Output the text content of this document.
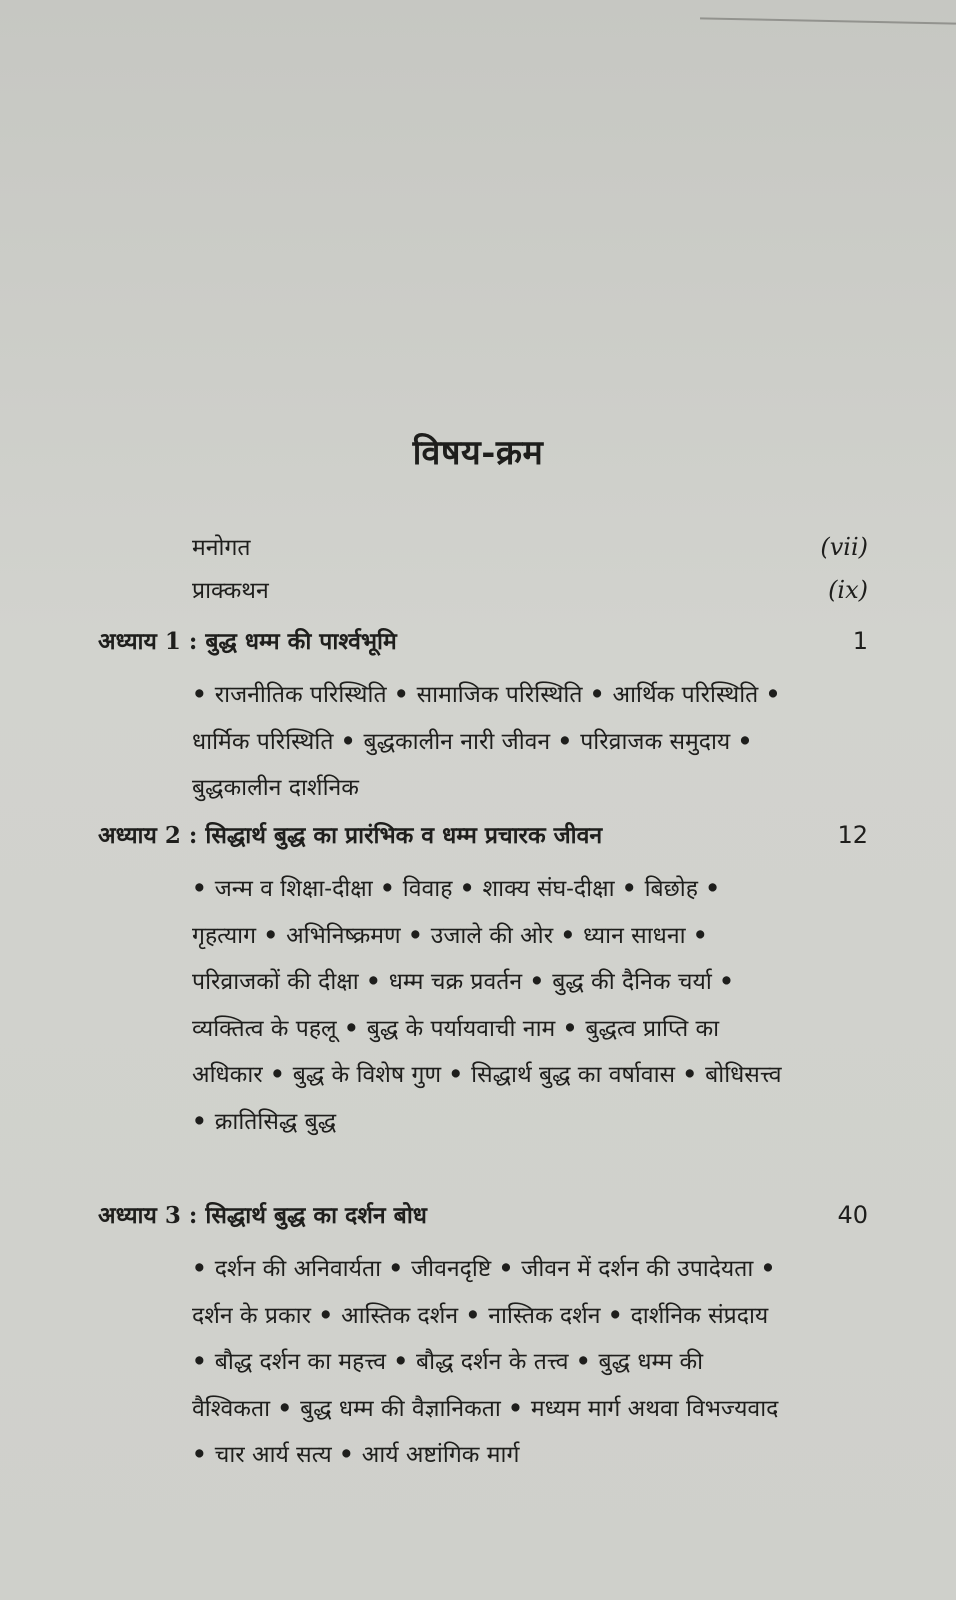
विषय-क्रम
मनोगत	(vii)
प्राक्कथन	(ix)
अध्याय 1 : बुद्ध धम्म की पार्श्वभूमि	1

• राजनीतिक परिस्थिति • सामाजिक परिस्थिति • आर्थिक परिस्थिति • धार्मिक परिस्थिति • बुद्धकालीन नारी जीवन • परिव्राजक समुदाय • बुद्धकालीन दार्शनिक

अध्याय 2 : सिद्धार्थ बुद्ध का प्रारंभिक व धम्म प्रचारक जीवन	12

• जन्म व शिक्षा-दीक्षा • विवाह • शाक्य संघ-दीक्षा • बिछोह • गृहत्याग • अभिनिष्क्रमण • उजाले की ओर • ध्यान साधना • परिव्राजकों की दीक्षा • धम्म चक्र प्रवर्तन • बुद्ध की दैनिक चर्या • व्यक्तित्व के पहलू • बुद्ध के पर्यायवाची नाम • बुद्धत्व प्राप्ति का अधिकार • बुद्ध के विशेष गुण • सिद्धार्थ बुद्ध का वर्षावास • बोधिसत्त्व • क्रातिसिद्ध बुद्ध

अध्याय 3 : सिद्धार्थ बुद्ध का दर्शन बोध	40

• दर्शन की अनिवार्यता • जीवनदृष्टि • जीवन में दर्शन की उपादेयता • दर्शन के प्रकार • आस्तिक दर्शन • नास्तिक दर्शन • दार्शनिक संप्रदाय • बौद्ध दर्शन का महत्त्व • बौद्ध दर्शन के तत्त्व • बुद्ध धम्म की वैश्विकता • बुद्ध धम्म की वैज्ञानिकता • मध्यम मार्ग अथवा विभज्यवाद • चार आर्य सत्य • आर्य अष्टांगिक मार्ग
